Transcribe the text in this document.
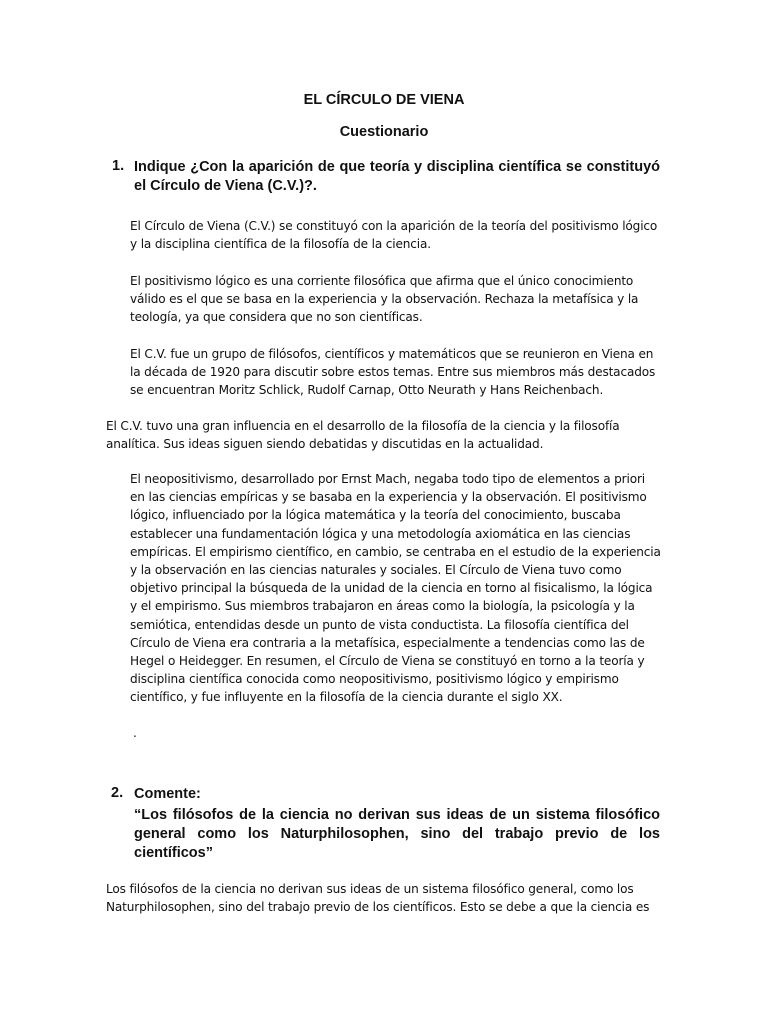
EL CÍRCULO DE VIENA
Cuestionario
1. Indique ¿Con la aparición de que teoría y disciplina científica se constituyó el Círculo de Viena (C.V.)?.

El Círculo de Viena (C.V.) se constituyó con la aparición de la teoría del positivismo lógico y la disciplina científica de la filosofía de la ciencia.

El positivismo lógico es una corriente filosófica que afirma que el único conocimiento válido es el que se basa en la experiencia y la observación. Rechaza la metafísica y la teología, ya que considera que no son científicas.

El C.V. fue un grupo de filósofos, científicos y matemáticos que se reunieron en Viena en la década de 1920 para discutir sobre estos temas. Entre sus miembros más destacados se encuentran Moritz Schlick, Rudolf Carnap, Otto Neurath y Hans Reichenbach.

El C.V. tuvo una gran influencia en el desarrollo de la filosofía de la ciencia y la filosofía analítica. Sus ideas siguen siendo debatidas y discutidas en la actualidad.

El neopositivismo, desarrollado por Ernst Mach, negaba todo tipo de elementos a priori en las ciencias empíricas y se basaba en la experiencia y la observación. El positivismo lógico, influenciado por la lógica matemática y la teoría del conocimiento, buscaba establecer una fundamentación lógica y una metodología axiomática en las ciencias empíricas. El empirismo científico, en cambio, se centraba en el estudio de la experiencia y la observación en las ciencias naturales y sociales. El Círculo de Viena tuvo como objetivo principal la búsqueda de la unidad de la ciencia en torno al fisicalismo, la lógica y el empirismo. Sus miembros trabajaron en áreas como la biología, la psicología y la semiótica, entendidas desde un punto de vista conductista. La filosofía científica del Círculo de Viena era contraria a la metafísica, especialmente a tendencias como las de Hegel o Heidegger. En resumen, el Círculo de Viena se constituyó en torno a la teoría y disciplina científica conocida como neopositivismo, positivismo lógico y empirismo científico, y fue influyente en la filosofía de la ciencia durante el siglo XX.

.

2. Comente:

“Los filósofos de la ciencia no derivan sus ideas de un sistema filosófico general como los Naturphilosophen, sino del trabajo previo de los científicos”

Los filósofos de la ciencia no derivan sus ideas de un sistema filosófico general, como los Naturphilosophen, sino del trabajo previo de los científicos. Esto se debe a que la ciencia es
